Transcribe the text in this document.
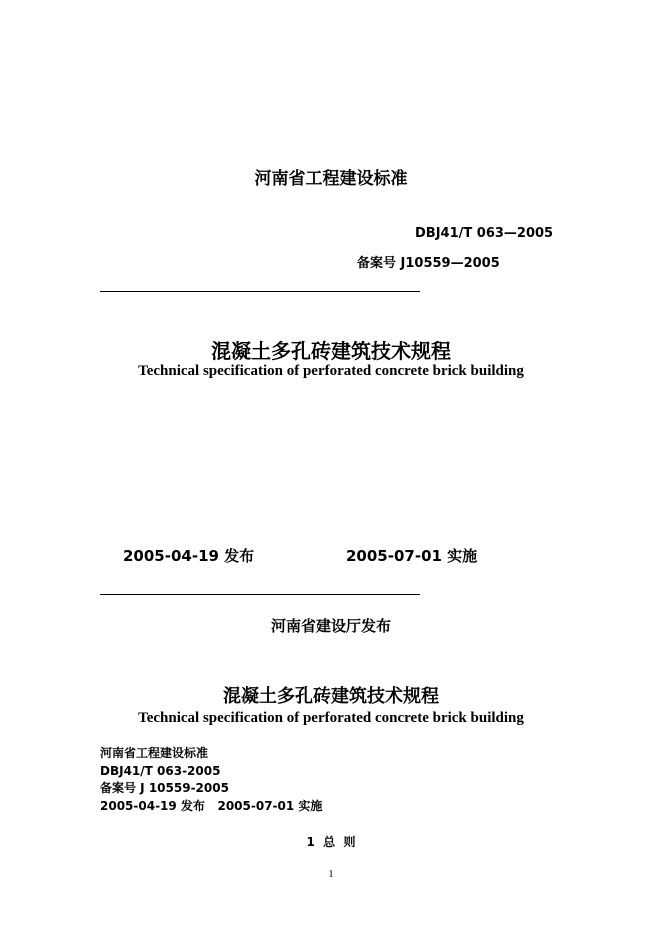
河南省工程建设标准
DBJ41/T 063—2005
备案号 J10559—2005
混凝土多孔砖建筑技术规程
Technical specification of perforated concrete brick building
2005-04-19 发布	2005-07-01 实施
河南省建设厅发布
混凝土多孔砖建筑技术规程
Technical specification of perforated concrete brick building
河南省工程建设标准
DBJ41/T 063-2005
备案号 J 10559-2005
2005-04-19 发布   2005-07-01 实施
1  总  则
1
